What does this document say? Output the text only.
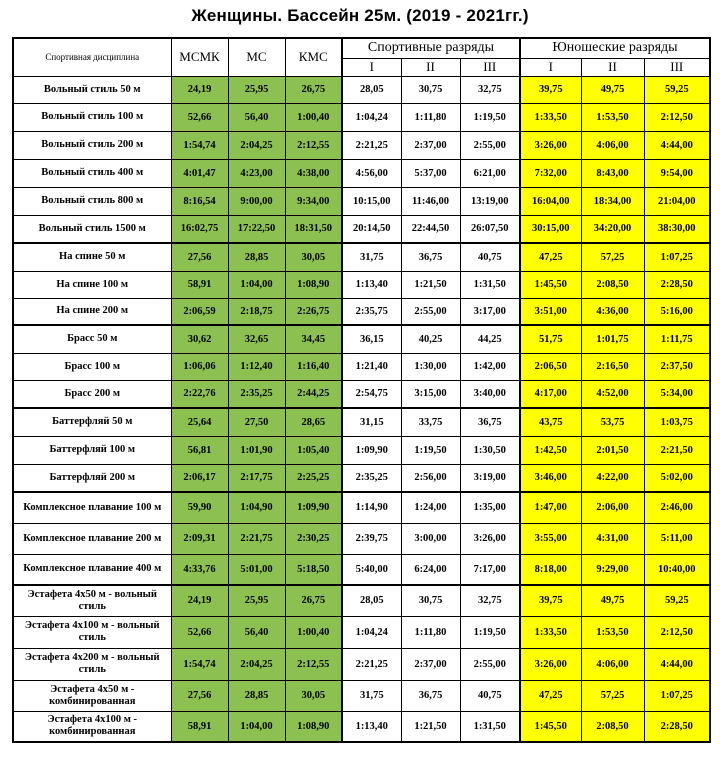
Женщины. Бассейн 25м. (2019 - 2021гг.)
Спортивная дисциплина	МСМК	МС	КМС	Спортивные разряды			Юношеские разряды		
				I	II	III	I	II	III
Вольный стиль 50 м	24,19	25,95	26,75	28,05	30,75	32,75	39,75	49,75	59,25
Вольный стиль 100 м	52,66	56,40	1:00,40	1:04,24	1:11,80	1:19,50	1:33,50	1:53,50	2:12,50
Вольный стиль 200 м	1:54,74	2:04,25	2:12,55	2:21,25	2:37,00	2:55,00	3:26,00	4:06,00	4:44,00
Вольный стиль 400 м	4:01,47	4:23,00	4:38,00	4:56,00	5:37,00	6:21,00	7:32,00	8:43,00	9:54,00
Вольный стиль 800 м	8:16,54	9:00,00	9:34,00	10:15,00	11:46,00	13:19,00	16:04,00	18:34,00	21:04,00
Вольный стиль 1500 м	16:02,75	17:22,50	18:31,50	20:14,50	22:44,50	26:07,50	30:15,00	34:20,00	38:30,00
На спине 50 м	27,56	28,85	30,05	31,75	36,75	40,75	47,25	57,25	1:07,25
На спине 100 м	58,91	1:04,00	1:08,90	1:13,40	1:21,50	1:31,50	1:45,50	2:08,50	2:28,50
На спине 200 м	2:06,59	2:18,75	2:26,75	2:35,75	2:55,00	3:17,00	3:51,00	4:36,00	5:16,00
Брасс 50 м	30,62	32,65	34,45	36,15	40,25	44,25	51,75	1:01,75	1:11,75
Брасс 100 м	1:06,06	1:12,40	1:16,40	1:21,40	1:30,00	1:42,00	2:06,50	2:16,50	2:37,50
Брасс 200 м	2:22,76	2:35,25	2:44,25	2:54,75	3:15,00	3:40,00	4:17,00	4:52,00	5:34,00
Баттерфляй 50 м	25,64	27,50	28,65	31,15	33,75	36,75	43,75	53,75	1:03,75
Баттерфляй 100 м	56,81	1:01,90	1:05,40	1:09,90	1:19,50	1:30,50	1:42,50	2:01,50	2:21,50
Баттерфляй 200 м	2:06,17	2:17,75	2:25,25	2:35,25	2:56,00	3:19,00	3:46,00	4:22,00	5:02,00
Комплексное плавание 100 м	59,90	1:04,90	1:09,90	1:14,90	1:24,00	1:35,00	1:47,00	2:06,00	2:46,00
Комплексное плавание 200 м	2:09,31	2:21,75	2:30,25	2:39,75	3:00,00	3:26,00	3:55,00	4:31,00	5:11,00
Комплексное плавание 400 м	4:33,76	5:01,00	5:18,50	5:40,00	6:24,00	7:17,00	8:18,00	9:29,00	10:40,00
Эстафета 4х50 м - вольный стиль	24,19	25,95	26,75	28,05	30,75	32,75	39,75	49,75	59,25
Эстафета 4х100 м - вольный стиль	52,66	56,40	1:00,40	1:04,24	1:11,80	1:19,50	1:33,50	1:53,50	2:12,50
Эстафета 4х200 м - вольный стиль	1:54,74	2:04,25	2:12,55	2:21,25	2:37,00	2:55,00	3:26,00	4:06,00	4:44,00
Эстафета 4х50 м - комбинированная	27,56	28,85	30,05	31,75	36,75	40,75	47,25	57,25	1:07,25
Эстафета 4х100 м - комбинированная	58,91	1:04,00	1:08,90	1:13,40	1:21,50	1:31,50	1:45,50	2:08,50	2:28,50
